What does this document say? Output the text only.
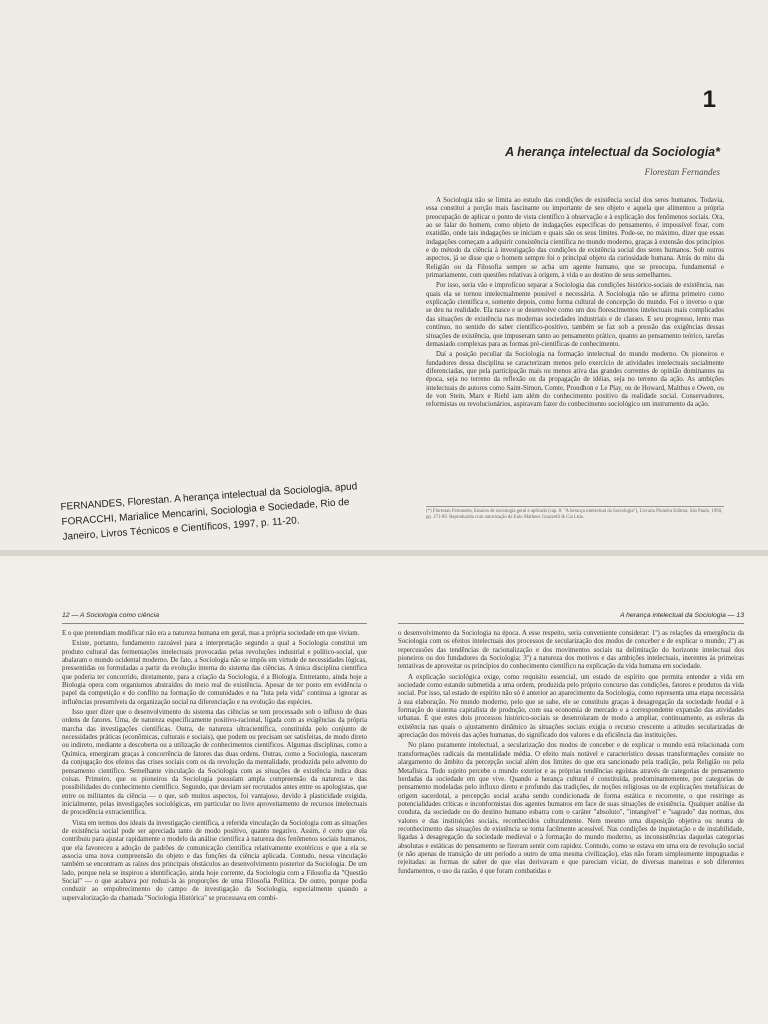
1
A herança intelectual da Sociologia*
Florestan Fernandes

A Sociologia não se limita ao estudo das condições de existência social dos seres humanos. Todavia, essa constitui a porção mais fascinante ou importante de seu objeto e aquela que alimentou a própria preocupação de aplicar o ponto de vista científico à observação e à explicação dos fenômenos sociais. Ora, ao se falar do homem, como objeto de indagações específicas do pensamento, é impossível fixar, com exatidão, onde tais indagações se iniciam e quais são os seus limites. Pode-se, no máximo, dizer que essas indagações começam a adquirir consistência científica no mundo moderno, graças à extensão dos princípios e do método da ciência à investigação das condições de existência social dos seres humanos. Sob outros aspectos, já se disse que o homem sempre foi o principal objeto da curiosidade humana. Atrás do mito da Religião ou da Filosofia sempre se acha um agente humano, que se preocupa, fundamental e primariamente, com questões relativas à origem, à vida e ao destino de seus semelhantes.

Por isso, seria vão e improfícuo separar a Sociologia das condições histórico-sociais de existência, nas quais ela se tornou intelectualmente possível e necessária. A Sociologia não se afirma primeiro como explicação científica e, somente depois, como forma cultural de concepção do mundo. Foi o inverso o que se deu na realidade. Ela nasce e se desenvolve como um dos florescimentos intelectuais mais complicados das situações de existência nas modernas sociedades industriais e de classes. E seu progresso, lento mas contínuo, no sentido do saber científico-positivo, também se faz sob a pressão das exigências dessas situações de existência, que impuseram tanto ao pensamento prático, quanto ao pensamento teórico, tarefas demasiado complexas para as formas pré-científicas de conhecimento.

Daí a posição peculiar da Sociologia na formação intelectual do mundo moderno. Os pioneiros e fundadores dessa disciplina se caracterizam menos pelo exercício de atividades intelectuais socialmente diferenciadas, que pela participação mais ou menos ativa das grandes correntes de opinião dominantes na época, seja no terreno da reflexão ou da propagação de idéias, seja no terreno da ação. As ambições intelectuais de autores como Saint-Simon, Comte, Proudhon e Le Play, ou de Howard, Malthus e Owen, ou de von Stein, Marx e Riehl iam além do conhecimento positivo da realidade social. Conservadores, reformistas ou revolucionários, aspiravam fazer do conhecimento sociológico um instrumento da ação.

(*) Florestan Fernandes, Ensaios de sociologia geral e aplicada (cap. 8: "A herança intelectual da Sociologia"), Livraria Pioneira Editora, São Paulo, 1960, pp. 271-89. Reproduzido com autorização de Enio Matheus Guazzelli & Cia Ltda.
FERNANDES, Florestan. A herança intelectual da Sociologia, apud FORACCHI, Marialice Mencarini, Sociologia e Sociedade, Rio de Janeiro, Livros Técnicos e Científicos, 1997, p. 11-20.
12 — A Sociologia como ciência	A herança intelectual da Sociologia — 13

E o que pretendiam modificar não era a natureza humana em geral, mas a própria sociedade em que viviam.

Existe, portanto, fundamento razoável para a interpretação segundo a qual a Sociologia constitui um produto cultural das fermentações intelectuais provocadas pelas revoluções industrial e político-social, que abalaram o mundo ocidental moderno. De fato, a Sociologia não se impôs em virtude de necessidades lógicas, pressentidas ou formuladas a partir da evolução interna do sistema das ciências. A única disciplina científica que poderia ter concorrido, diretamente, para a criação da Sociologia, é a Biologia. Entretanto, ainda hoje a Biologia opera com organismos abstraídos do meio real de existência. Apesar de ter posto em evidência o papel da competição e do conflito na formação de comunidades e na "luta pela vida" continua a ignorar as influências presumíveis da organização social na diferenciação e na evolução das espécies.

Isso quer dizer que o desenvolvimento do sistema das ciências se tem processado sob o influxo de duas ordens de fatores. Uma, de natureza especificamente positivo-racional, ligada com as exigências da própria marcha das investigações científicas. Outra, de natureza ultracientífica, constituída pelo conjunto de necessidades práticas (econômicas, culturais e sociais), que podem ou precisam ser satisfeitas, de modo direto ou indireto, mediante a descoberta ou a utilização de conhecimentos científicos. Algumas disciplinas, como a Química, emergiram graças à concorrência de fatores das duas ordens. Outras, como a Sociologia, nasceram da conjugação dos efeitos das crises sociais com os da revolução da mentalidade, produzida pelo advento do pensamento científico. Semelhante vinculação da Sociologia com as situações de existência indica duas coisas. Primeiro, que os pioneiros da Sociologia possuíam ampla compreensão da natureza e das possibilidades do conhecimento científico. Segundo, que deviam ser recrutados antes entre os apologistas, que entre os militantes da ciência — o que, sob muitos aspectos, foi vantajoso, devido à plasticidade exigida, inicialmente, pelas investigações sociológicas, em particular no livre aproveitamento de recursos intelectuais de procedência extracientífica.

Vista em termos dos ideais da investigação científica, a referida vinculação da Sociologia com as situações de existência social pode ser apreciada tanto de modo positivo, quanto negativo. Assim, é certo que ela contribuiu para ajustar rapidamente o modelo da análise científica à natureza dos fenômenos sociais humanos, que ela favoreceu a adoção de padrões de comunicação científica relativamente exotéricos e que a ela se associa uma nova compreensão do objeto e das funções da ciência aplicada. Contudo, nessa vinculação também se encontram as raízes dos principais obstáculos ao desenvolvimento posterior da Sociologia. De um lado, porque nela se inspirou a identificação, ainda hoje corrente, da Sociologia com a Filosofia da "Questão Social" — o que acabava por reduzi-la às proporções de uma Filosofia Política. De outro, porque podia conduzir ao empobrecimento do campo de investigação da Sociologia, especialmente quando a supervalorização da chamada "Sociologia Histórica" se processava em combi-

o desenvolvimento da Sociologia na época. A esse respeito, seria conveniente considerar: 1º) as relações da emergência da Sociologia com os efeitos intelectuais dos processos de secularização dos modos de conceber e de explicar o mundo; 2º) as repercussões das tendências de racionalização e dos movimentos sociais na delimitação do horizonte intelectual dos pioneiros ou dos fundadores da Sociologia; 3º) a natureza dos motivos e das ambições intelectuais, inerentes às primeiras tentativas de aproveitar os princípios do conhecimento científico na explicação da vida humana em sociedade.

A explicação sociológica exige, como requisito essencial, um estado de espírito que permita entender a vida em sociedade como estando submetida a uma ordem, produzida pelo próprio concurso das condições, fatores e produtos da vida social. Por isso, tal estado de espírito não só é anterior ao aparecimento da Sociologia, como representa uma etapa necessária à sua elaboração. No mundo moderno, pelo que se sabe, ele se constituiu graças à desagregação da sociedade feudal e à formação do sistema capitalista de produção, com sua economia de mercado e a correspondente expansão das atividades urbanas. É que estes dois processos histórico-sociais se desenrolaram de modo a ampliar, continuamente, as esferas da existência nas quais o ajustamento dinâmico às situações sociais exigia o recurso crescente a atitudes secularizadas de apreciação dos móveis das ações humanas, do significado dos valores e da eficiência das instituições.

No plano puramente intelectual, a secularização dos modos de conceber e de explicar o mundo está relacionada com transformações radicais da mentalidade média. O efeito mais notável e característico dessas transformações consiste no alargamento do âmbito da percepção social além dos limites do que era sancionado pela tradição, pela Religião ou pela Metafísica. Todo sujeito percebe o mundo exterior e as próprias tendências egoístas através de categorias de pensamento herdadas da sociedade em que vive. Quando a herança cultural é constituída, predominantemente, por categorias de pensamento modeladas pelo influxo direto e profundo das tradições, de noções religiosas ou de explicações metafísicas de origem sacerdotal, a percepção social acaba sendo condicionada de forma estática e recorrente, o que restringe as potencialidades críticas e inconformistas dos agentes humanos em face de suas situações de existência. Qualquer análise da conduta, da sociedade ou do destino humano esbarra com o caráter "absoluto", "intangível" e "sagrado" das normas, dos valores e das instituições sociais, reconhecidos culturalmente. Nem mesmo uma disposição objetiva ou neutra de reconhecimento das situações de existência se torna facilmente acessível. Nas condições de inquietação e de instabilidade, ligadas à desagregação da sociedade medieval e à formação do mundo moderno, as inconsistências daquelas categorias absolutas e estáticas do pensamento se fizeram sentir com rapidez. Contudo, como se estava em uma era de revolução social (e não apenas de transição de um período a outro de uma mesma civilização), elas não foram simplesmente impugnadas e rejeitadas: as formas de saber de que elas derivavam e que pareciam viciar, de diversas maneiras e sob diferentes fundamentos, o uso da razão, é que foram combatidas e
